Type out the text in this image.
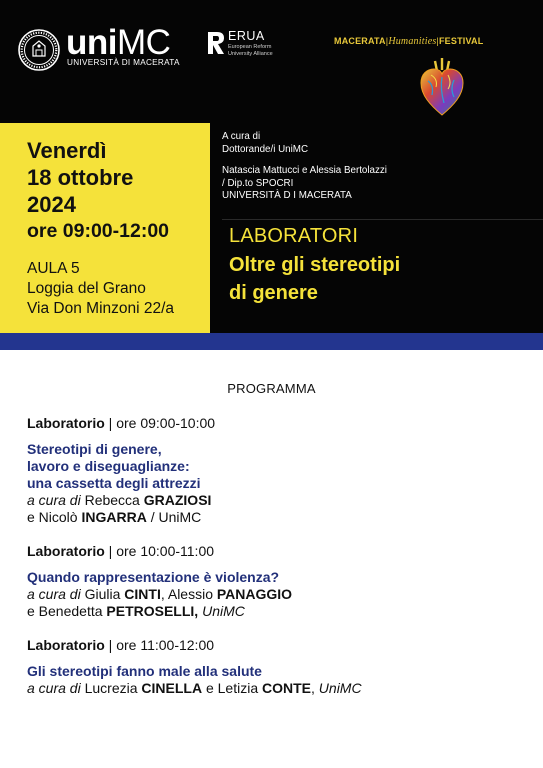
uniMC
UNIVERSITÀ DI MACERATA
ERUA
European Reform University Alliance
MACERATA|Humanities|FESTIVAL
Venerdì
18 ottobre
2024
ore 09:00-12:00
AULA 5
Loggia del Grano
Via Don Minzoni 22/a
A cura di
Dottorande/i UniMC
Natascia Mattucci e Alessia Bertolazzi
/ Dip.to SPOCRI
UNIVERSITÀ D I MACERATA
LABORATORI
Oltre gli stereotipi
di genere
PROGRAMMA
Laboratorio | ore 09:00-10:00
Stereotipi di genere,
lavoro e diseguaglianze:
una cassetta degli attrezzi
a cura di Rebecca GRAZIOSI
e Nicolò INGARRA / UniMC
Laboratorio | ore 10:00-11:00
Quando rappresentazione è violenza?
a cura di Giulia CINTI, Alessio PANAGGIO
e Benedetta PETROSELLI, UniMC
Laboratorio | ore 11:00-12:00
Gli stereotipi fanno male alla salute
a cura di Lucrezia CINELLA e Letizia CONTE, UniMC
